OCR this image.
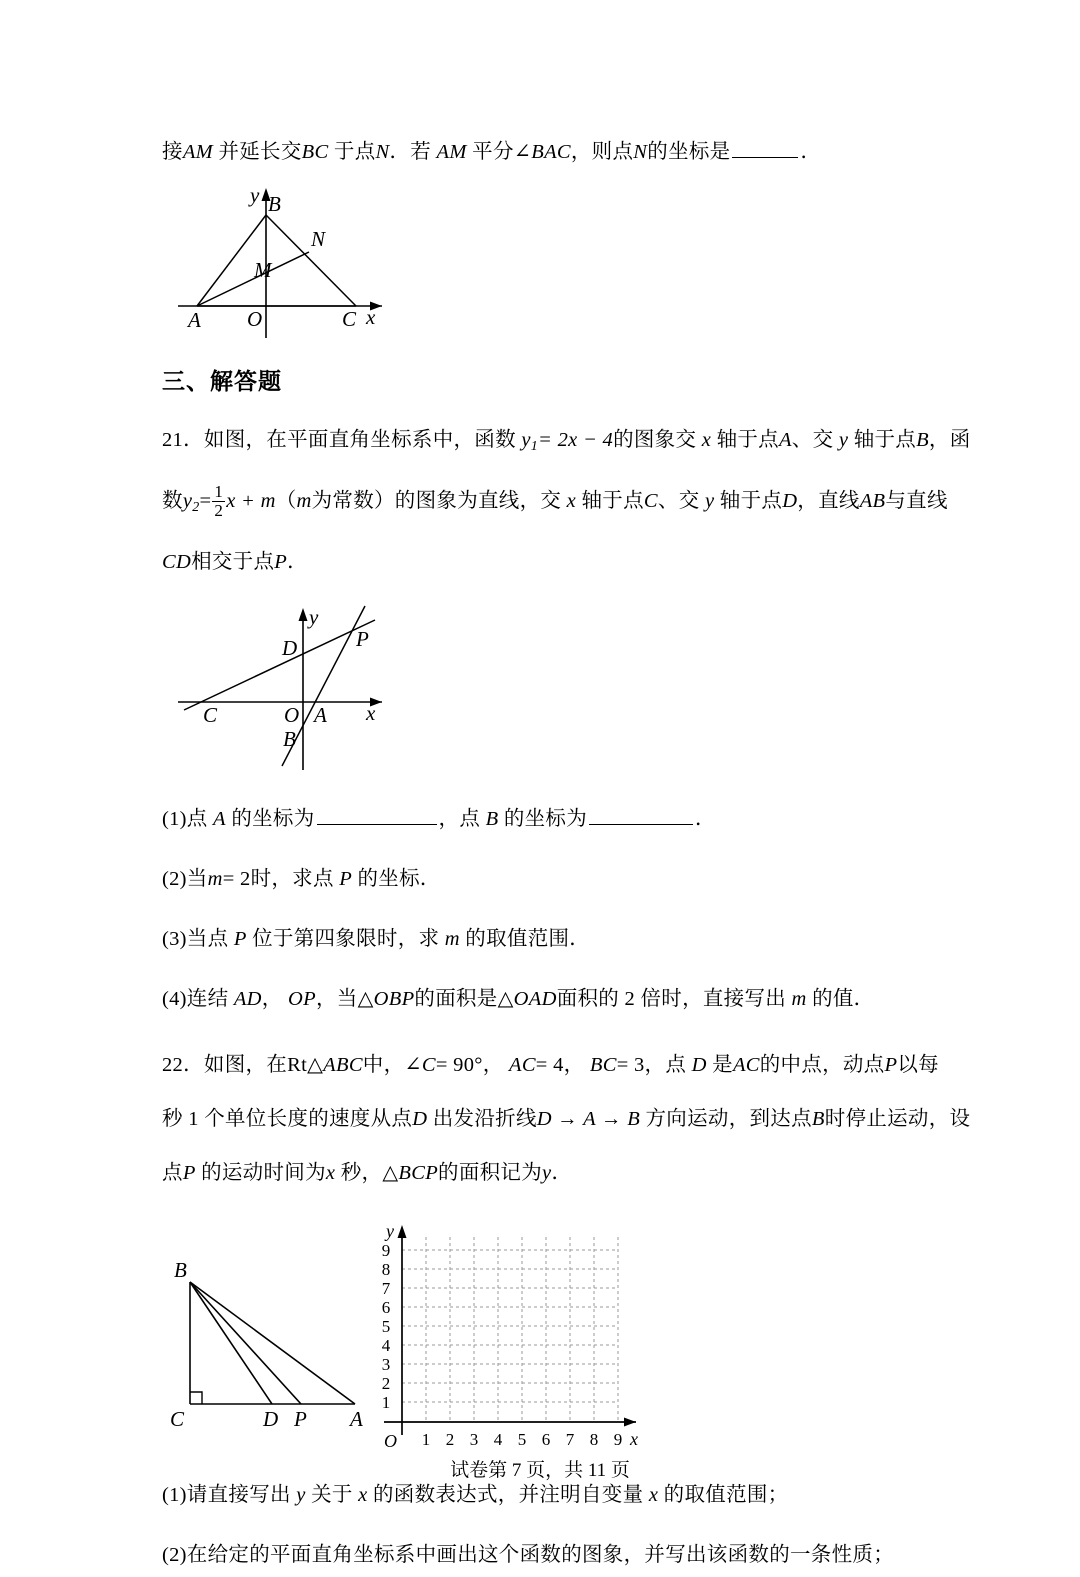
接AM 并延长交BC 于点N．若 AM 平分∠BAC，则点N的坐标是	．
y
x
B
A O	C
M
N
三、解答题
21．如图，在平面直角坐标系中，函数 $y_1= 2x - 4$的图象交 x 轴于点A、交 y 轴于点B，函
数$y_2= \frac{1}{2}$ x + m（m为常数）的图象为直线，交 x 轴于点C、交 y 轴于点D，直线AB与直线
CD相交于点P．
y
x
D	P
C	O A
B
(1)点 A 的坐标为	，点 B 的坐标为	．
(2)当m= 2时，求点 P 的坐标．
(3)当点 P 位于第四象限时，求 m 的取值范围．
(4)连结 AD， OP，当△OBP的面积是△OAD面积的 2 倍时，直接写出 m 的值．
22．如图，在Rt△ABC中，∠C= 90°， AC= 4， BC= 3，点 D 是AC的中点，动点P以每
秒 1 个单位长度的速度从点D 出发沿折线D → A → B 方向运动，到达点B时停止运动，设
点P 的运动时间为x 秒，△BCP的面积记为y．
B
C	D P A
y
x
O
1
2
3
4
5
6
7
8
9
1 2 3 4 5 6 7 8 9
(1)请直接写出 y 关于 x 的函数表达式，并注明自变量 x 的取值范围；
(2)在给定的平面直角坐标系中画出这个函数的图象，并写出该函数的一条性质；
试卷第 7 页，共 11 页
